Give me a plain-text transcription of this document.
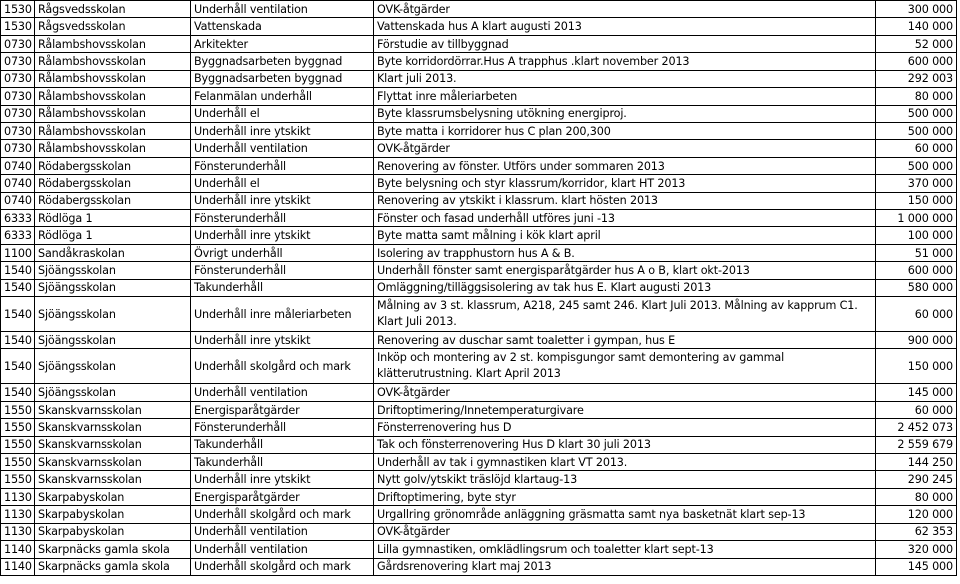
1530	Rågsvedsskolan	Underhåll ventilation	OVK-åtgärder	300 000
1530	Rågsvedsskolan	Vattenskada	Vattenskada hus A klart augusti 2013	140 000
0730	Rålambshovsskolan	Arkitekter	Förstudie av tillbyggnad	52 000
0730	Rålambshovsskolan	Byggnadsarbeten byggnad	Byte korridordörrar.Hus A trapphus .klart november 2013	600 000
0730	Rålambshovsskolan	Byggnadsarbeten byggnad	Klart juli 2013.	292 003
0730	Rålambshovsskolan	Felanmälan underhåll	Flyttat inre måleriarbeten	80 000
0730	Rålambshovsskolan	Underhåll el	Byte klassrumsbelysning utökning energiproj.	500 000
0730	Rålambshovsskolan	Underhåll inre ytskikt	Byte matta i korridorer hus C plan 200,300	500 000
0730	Rålambshovsskolan	Underhåll ventilation	OVK-åtgärder	60 000
0740	Rödabergsskolan	Fönsterunderhåll	Renovering av fönster. Utförs under sommaren 2013	500 000
0740	Rödabergsskolan	Underhåll el	Byte belysning och styr klassrum/korridor, klart HT 2013	370 000
0740	Rödabergsskolan	Underhåll inre ytskikt	Renovering av ytskikt i klassrum. klart hösten 2013	150 000
6333	Rödlöga 1	Fönsterunderhåll	Fönster och fasad underhåll utföres juni -13	1 000 000
6333	Rödlöga 1	Underhåll inre ytskikt	Byte matta samt målning i kök klart april	100 000
1100	Sandåkraskolan	Övrigt underhåll	Isolering av trapphustorn hus A & B.	51 000
1540	Sjöängsskolan	Fönsterunderhåll	Underhåll fönster samt energisparåtgärder hus A o B, klart okt-2013	600 000
1540	Sjöängsskolan	Takunderhåll	Omläggning/tilläggsisolering av tak hus E. Klart augusti 2013	580 000
1540	Sjöängsskolan	Underhåll inre måleriarbeten	Målning av 3 st. klassrum, A218, 245 samt 246. Klart Juli 2013. Målning av kapprum C1. Klart Juli 2013.	60 000
1540	Sjöängsskolan	Underhåll inre ytskikt	Renovering av duschar samt toaletter i gympan, hus E	900 000
1540	Sjöängsskolan	Underhåll skolgård och mark	Inköp och montering av 2 st. kompisgungor samt demontering av gammal klätterutrustning. Klart April 2013	150 000
1540	Sjöängsskolan	Underhåll ventilation	OVK-åtgärder	145 000
1550	Skanskvarnsskolan	Energisparåtgärder	Driftoptimering/Innetemperaturgivare	60 000
1550	Skanskvarnsskolan	Fönsterunderhåll	Fönsterrenovering hus D	2 452 073
1550	Skanskvarnsskolan	Takunderhåll	Tak och fönsterrenovering Hus D klart 30 juli 2013	2 559 679
1550	Skanskvarnsskolan	Takunderhåll	Underhåll av tak i gymnastiken klart VT 2013.	144 250
1550	Skanskvarnsskolan	Underhåll inre ytskikt	Nytt golv/ytskikt träslöjd klartaug-13	290 245
1130	Skarpabyskolan	Energisparåtgärder	Driftoptimering, byte styr	80 000
1130	Skarpabyskolan	Underhåll skolgård och mark	Urgallring grönområde anläggning gräsmatta samt nya basketnät klart sep-13	120 000
1130	Skarpabyskolan	Underhåll ventilation	OVK-åtgärder	62 353
1140	Skarpnäcks gamla skola	Underhåll ventilation	Lilla gymnastiken, omklädlingsrum och toaletter klart sept-13	320 000
1140	Skarpnäcks gamla skola	Underhåll skolgård och mark	Gårdsrenovering klart maj 2013	145 000
